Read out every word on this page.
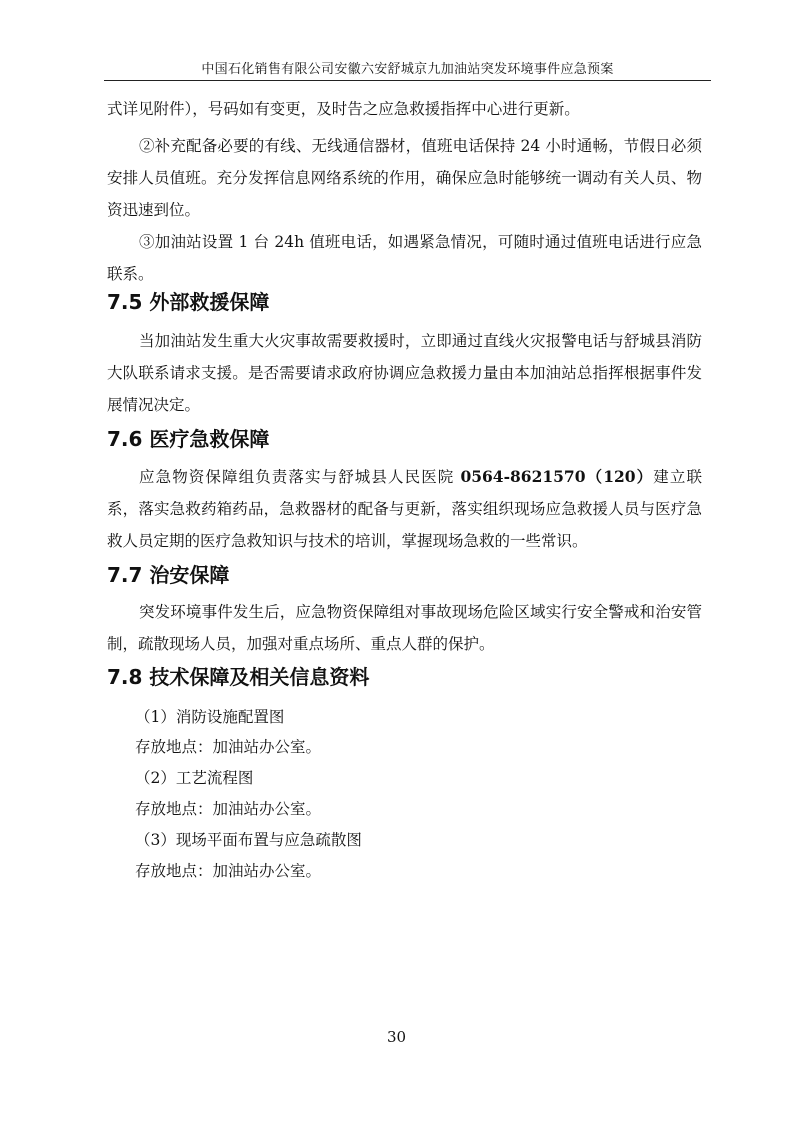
中国石化销售有限公司安徽六安舒城京九加油站突发环境事件应急预案
式详见附件），号码如有变更，及时告之应急救援指挥中心进行更新。
②补充配备必要的有线、无线通信器材，值班电话保持 24 小时通畅，节假日必须安排人员值班。充分发挥信息网络系统的作用，确保应急时能够统一调动有关人员、物资迅速到位。
③加油站设置 1 台 24h 值班电话，如遇紧急情况，可随时通过值班电话进行应急联系。
7.5 外部救援保障
当加油站发生重大火灾事故需要救援时，立即通过直线火灾报警电话与舒城县消防大队联系请求支援。是否需要请求政府协调应急救援力量由本加油站总指挥根据事件发展情况决定。
7.6 医疗急救保障
应急物资保障组负责落实与舒城县人民医院 0564-8621570（120）建立联系，落实急救药箱药品，急救器材的配备与更新，落实组织现场应急救援人员与医疗急救人员定期的医疗急救知识与技术的培训，掌握现场急救的一些常识。
7.7 治安保障
突发环境事件发生后，应急物资保障组对事故现场危险区域实行安全警戒和治安管制，疏散现场人员，加强对重点场所、重点人群的保护。
7.8 技术保障及相关信息资料
（1）消防设施配置图
存放地点：加油站办公室。
（2）工艺流程图
存放地点：加油站办公室。
（3）现场平面布置与应急疏散图
存放地点：加油站办公室。
30
